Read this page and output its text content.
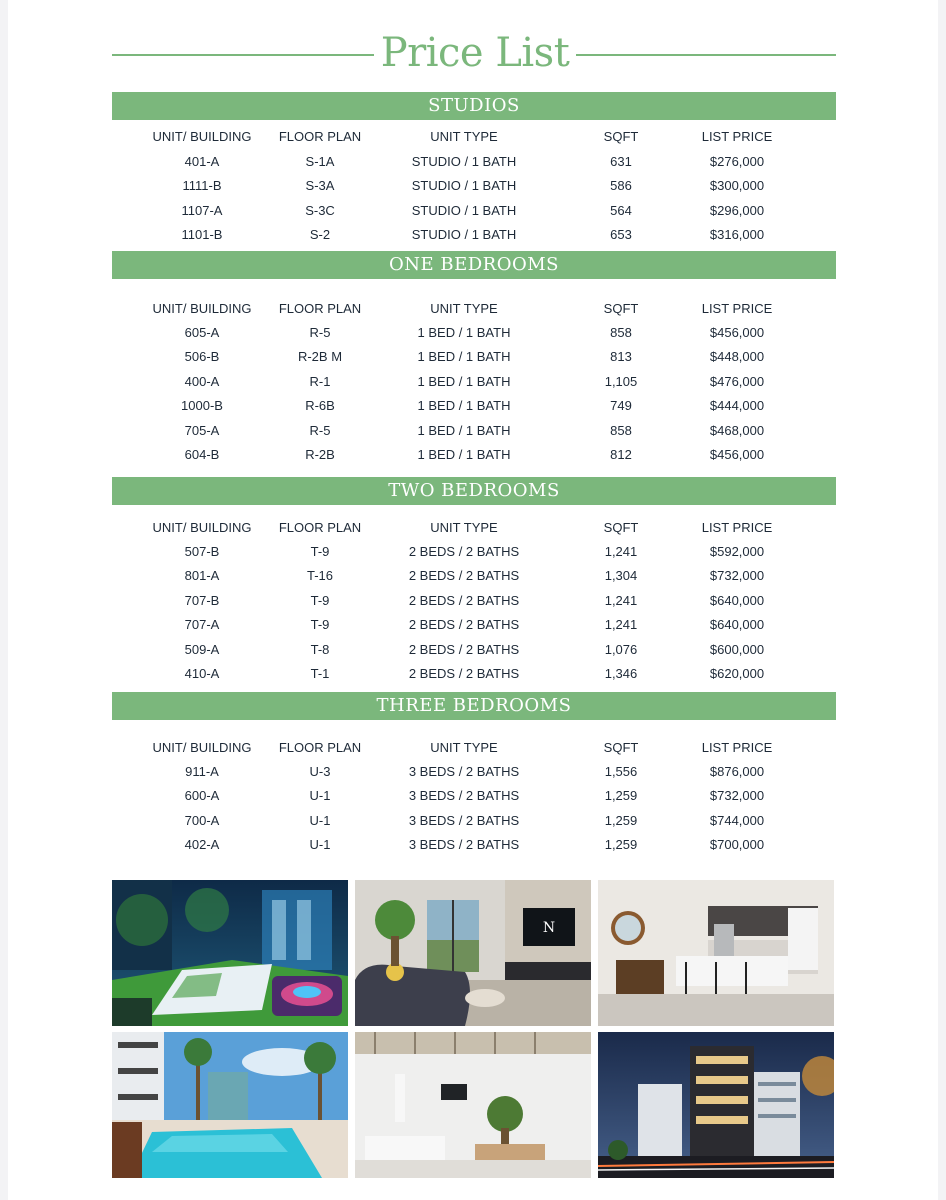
Price List
STUDIOS
UNIT/ BUILDING	FLOOR PLAN	UNIT TYPE	SQFT	LIST PRICE
401-A	S-1A	STUDIO / 1 BATH	631	$276,000
1111-B	S-3A	STUDIO / 1 BATH	586	$300,000
1107-A	S-3C	STUDIO / 1 BATH	564	$296,000
1101-B	S-2	STUDIO / 1 BATH	653	$316,000
ONE BEDROOMS
UNIT/ BUILDING	FLOOR PLAN	UNIT TYPE	SQFT	LIST PRICE
605-A	R-5	1 BED / 1 BATH	858	$456,000
506-B	R-2B M	1 BED / 1 BATH	813	$448,000
400-A	R-1	1 BED / 1 BATH	1,105	$476,000
1000-B	R-6B	1 BED / 1 BATH	749	$444,000
705-A	R-5	1 BED / 1 BATH	858	$468,000
604-B	R-2B	1 BED / 1 BATH	812	$456,000
TWO BEDROOMS
UNIT/ BUILDING	FLOOR PLAN	UNIT TYPE	SQFT	LIST PRICE
507-B	T-9	2 BEDS / 2 BATHS	1,241	$592,000
801-A	T-16	2 BEDS / 2 BATHS	1,304	$732,000
707-B	T-9	2 BEDS / 2 BATHS	1,241	$640,000
707-A	T-9	2 BEDS / 2 BATHS	1,241	$640,000
509-A	T-8	2 BEDS / 2 BATHS	1,076	$600,000
410-A	T-1	2 BEDS / 2 BATHS	1,346	$620,000
THREE BEDROOMS
UNIT/ BUILDING	FLOOR PLAN	UNIT TYPE	SQFT	LIST PRICE
911-A	U-3	3 BEDS / 2 BATHS	1,556	$876,000
600-A	U-1	3 BEDS / 2 BATHS	1,259	$732,000
700-A	U-1	3 BEDS / 2 BATHS	1,259	$744,000
402-A	U-1	3 BEDS / 2 BATHS	1,259	$700,000
N
